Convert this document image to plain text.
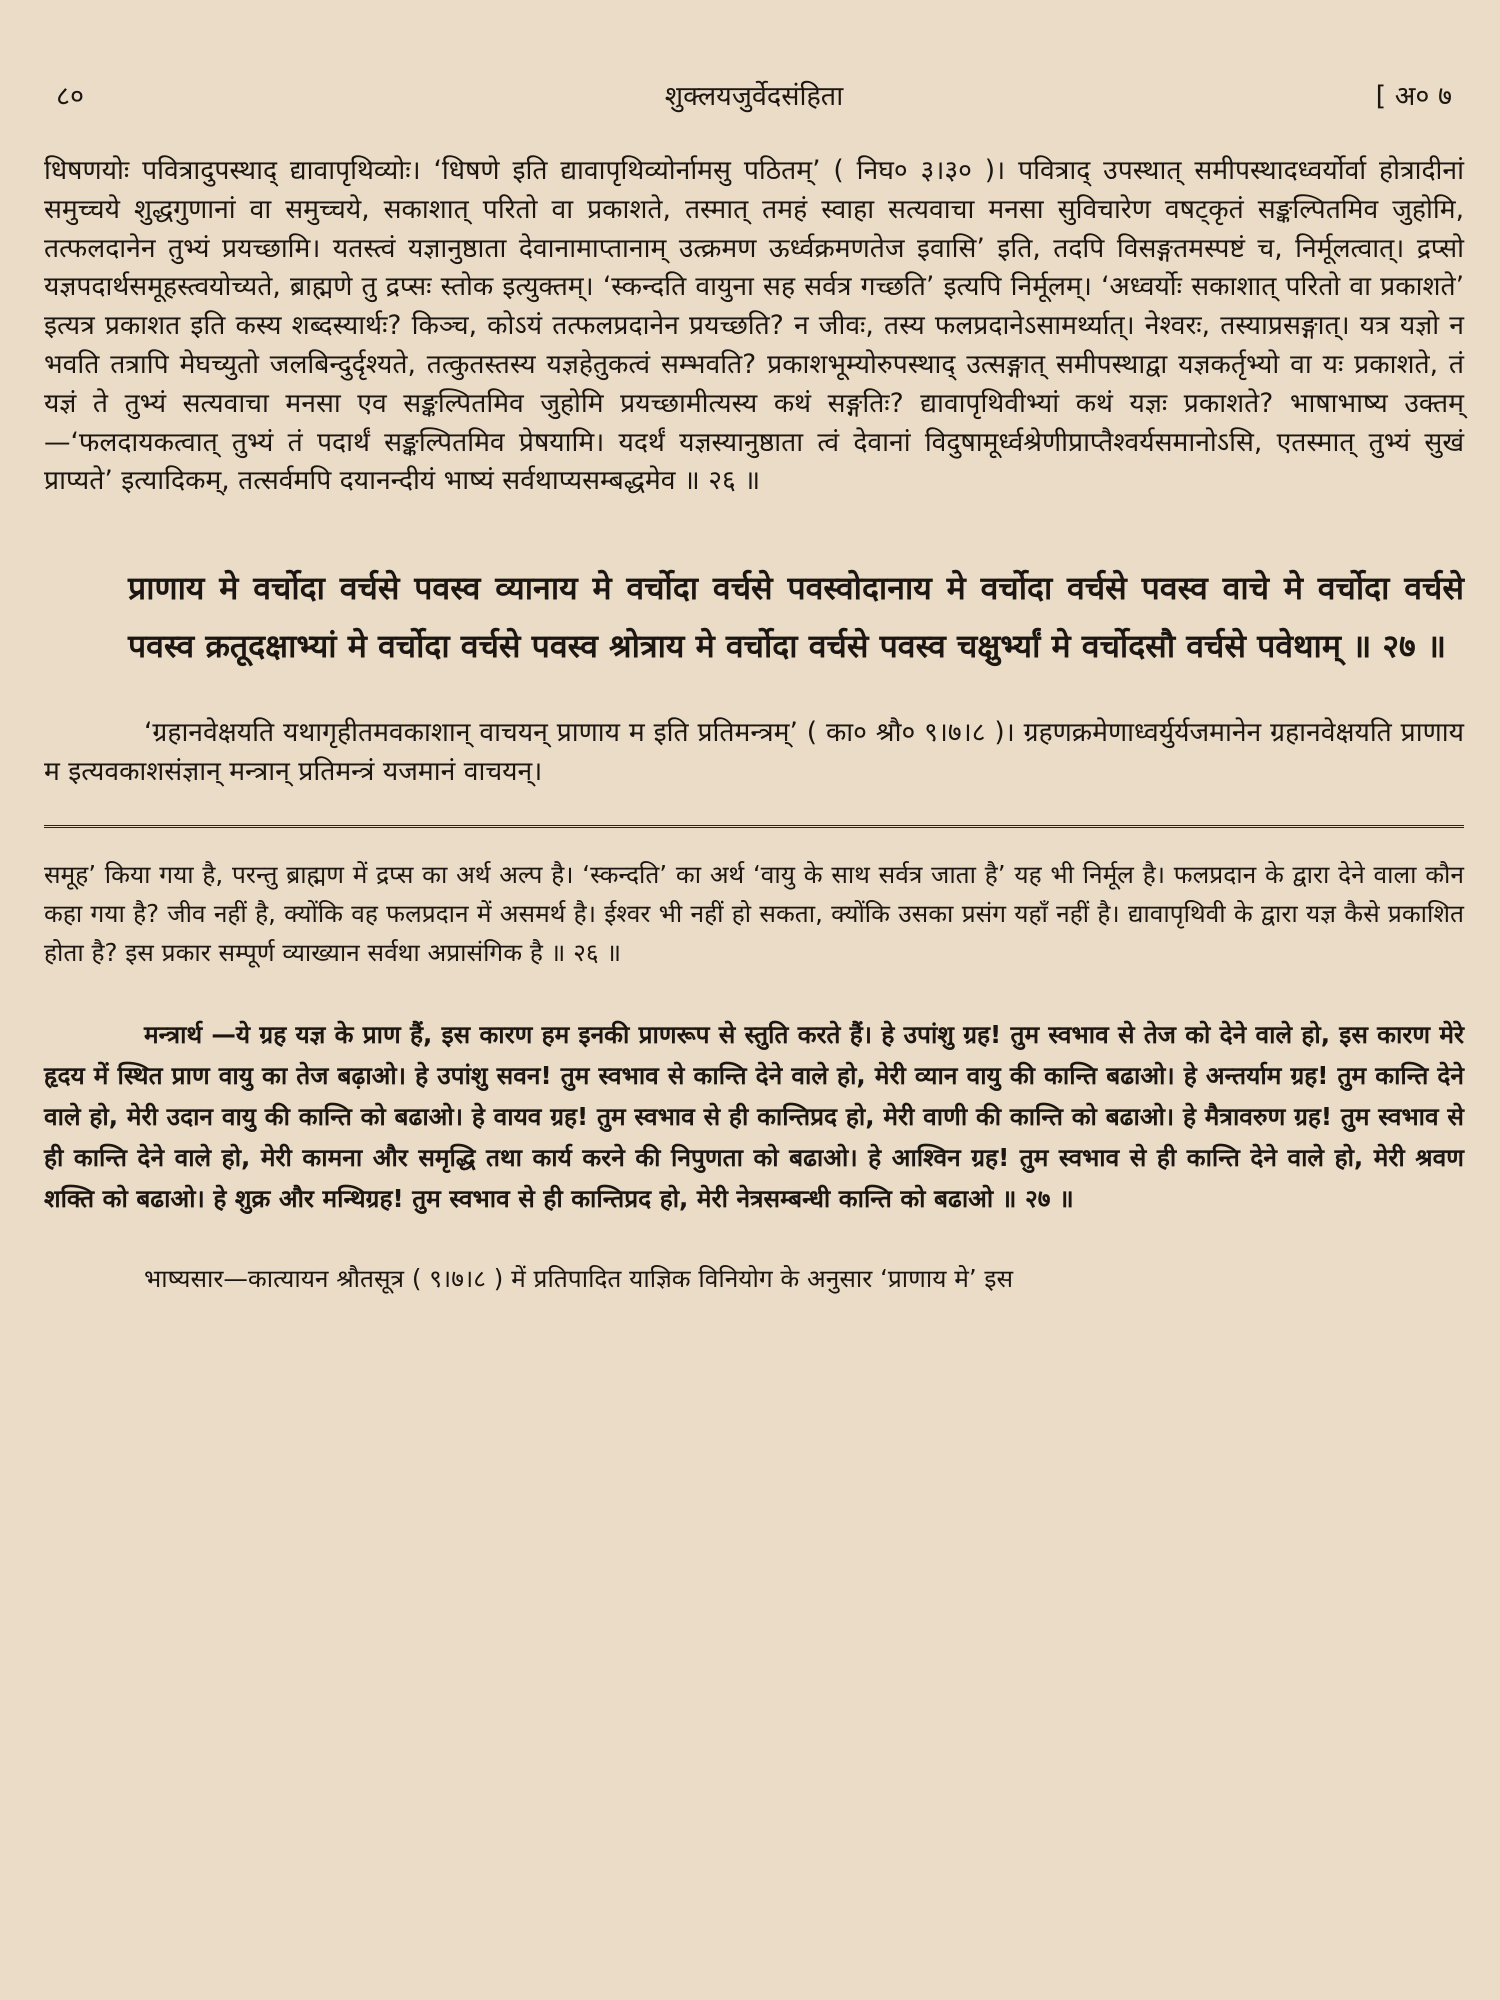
८०	शुक्लयजुर्वेदसंहिता	[ अ० ७

धिषणयोः पवित्रादुपस्थाद् द्यावापृथिव्योः। ‘धिषणे इति द्यावापृथिव्योर्नामसु पठितम्’ ( निघ० ३।३० )। पवित्राद् उपस्थात् समीपस्थादध्वर्योर्वा होत्रादीनां समुच्चये शुद्धगुणानां वा समुच्चये, सकाशात् परितो वा प्रकाशते, तस्मात् तमहं स्वाहा सत्यवाचा मनसा सुविचारेण वषट्कृतं सङ्कल्पितमिव जुहोमि, तत्फलदानेन तुभ्यं प्रयच्छामि। यतस्त्वं यज्ञानुष्ठाता देवानामाप्तानाम् उत्क्रमण ऊर्ध्वक्रमणतेज इवासि’ इति, तदपि विसङ्गतमस्पष्टं च, निर्मूलत्वात्। द्रप्सो यज्ञपदार्थसमूहस्त्वयोच्यते, ब्राह्मणे तु द्रप्सः स्तोक इत्युक्तम्। ‘स्कन्दति वायुना सह सर्वत्र गच्छति’ इत्यपि निर्मूलम्। ‘अध्वर्योः सकाशात् परितो वा प्रकाशते’ इत्यत्र प्रकाशत इति कस्य शब्दस्यार्थः? किञ्च, कोऽयं तत्फलप्रदानेन प्रयच्छति? न जीवः, तस्य फलप्रदानेऽसामर्थ्यात्। नेश्वरः, तस्याप्रसङ्गात्। यत्र यज्ञो न भवति तत्रापि मेघच्युतो जलबिन्दुर्दृश्यते, तत्कुतस्तस्य यज्ञहेतुकत्वं सम्भवति? प्रकाशभूम्योरुपस्थाद् उत्सङ्गात् समीपस्थाद्वा यज्ञकर्तृभ्यो वा यः प्रकाशते, तं यज्ञं ते तुभ्यं सत्यवाचा मनसा एव सङ्कल्पितमिव जुहोमि प्रयच्छामीत्यस्य कथं सङ्गतिः? द्यावापृथिवीभ्यां कथं यज्ञः प्रकाशते? भाषाभाष्य उक्तम् —‘फलदायकत्वात् तुभ्यं तं पदार्थं सङ्कल्पितमिव प्रेषयामि। यदर्थं यज्ञस्यानुष्ठाता त्वं देवानां विदुषामूर्ध्वश्रेणीप्राप्तैश्वर्यसमानोऽसि, एतस्मात् तुभ्यं सुखं प्राप्यते’ इत्यादिकम्, तत्सर्वमपि दयानन्दीयं भाष्यं सर्वथाप्यसम्बद्धमेव ॥ २६ ॥

प्राणाय मे वर्चोदा वर्चसे पवस्व व्यानाय मे वर्चोदा वर्चसे पवस्वोदानाय मे वर्चोदा वर्चसे पवस्व वाचे मे वर्चोदा वर्चसे पवस्व क्रतूदक्षाभ्यां मे वर्चोदा वर्चसे पवस्व श्रोत्राय मे वर्चोदा वर्चसे पवस्व चक्षुर्भ्यां मे वर्चोदसौ वर्चसे पवेथाम् ॥ २७ ॥

‘ग्रहानवेक्षयति यथागृहीतमवकाशान् वाचयन् प्राणाय म इति प्रतिमन्त्रम्’ ( का० श्रौ० ९।७।८ )। ग्रहणक्रमेणाध्वर्युर्यजमानेन ग्रहानवेक्षयति प्राणाय म इत्यवकाशसंज्ञान् मन्त्रान् प्रतिमन्त्रं यजमानं वाचयन्।

समूह’ किया गया है, परन्तु ब्राह्मण में द्रप्स का अर्थ अल्प है। ‘स्कन्दति’ का अर्थ ‘वायु के साथ सर्वत्र जाता है’ यह भी निर्मूल है। फलप्रदान के द्वारा देने वाला कौन कहा गया है? जीव नहीं है, क्योंकि वह फलप्रदान में असमर्थ है। ईश्वर भी नहीं हो सकता, क्योंकि उसका प्रसंग यहाँ नहीं है। द्यावापृथिवी के द्वारा यज्ञ कैसे प्रकाशित होता है? इस प्रकार सम्पूर्ण व्याख्यान सर्वथा अप्रासंगिक है ॥ २६ ॥

मन्त्रार्थ —ये ग्रह यज्ञ के प्राण हैं, इस कारण हम इनकी प्राणरूप से स्तुति करते हैं। हे उपांशु ग्रह! तुम स्वभाव से तेज को देने वाले हो, इस कारण मेरे हृदय में स्थित प्राण वायु का तेज बढ़ाओ। हे उपांशु सवन! तुम स्वभाव से कान्ति देने वाले हो, मेरी व्यान वायु की कान्ति बढाओ। हे अन्तर्याम ग्रह! तुम कान्ति देने वाले हो, मेरी उदान वायु की कान्ति को बढाओ। हे वायव ग्रह! तुम स्वभाव से ही कान्तिप्रद हो, मेरी वाणी की कान्ति को बढाओ। हे मैत्रावरुण ग्रह! तुम स्वभाव से ही कान्ति देने वाले हो, मेरी कामना और समृद्धि तथा कार्य करने की निपुणता को बढाओ। हे आश्विन ग्रह! तुम स्वभाव से ही कान्ति देने वाले हो, मेरी श्रवण शक्ति को बढाओ। हे शुक्र और मन्थिग्रह! तुम स्वभाव से ही कान्तिप्रद हो, मेरी नेत्रसम्बन्धी कान्ति को बढाओ ॥ २७ ॥

भाष्यसार—कात्यायन श्रौतसूत्र ( ९।७।८ ) में प्रतिपादित याज्ञिक विनियोग के अनुसार ‘प्राणाय मे’ इस
